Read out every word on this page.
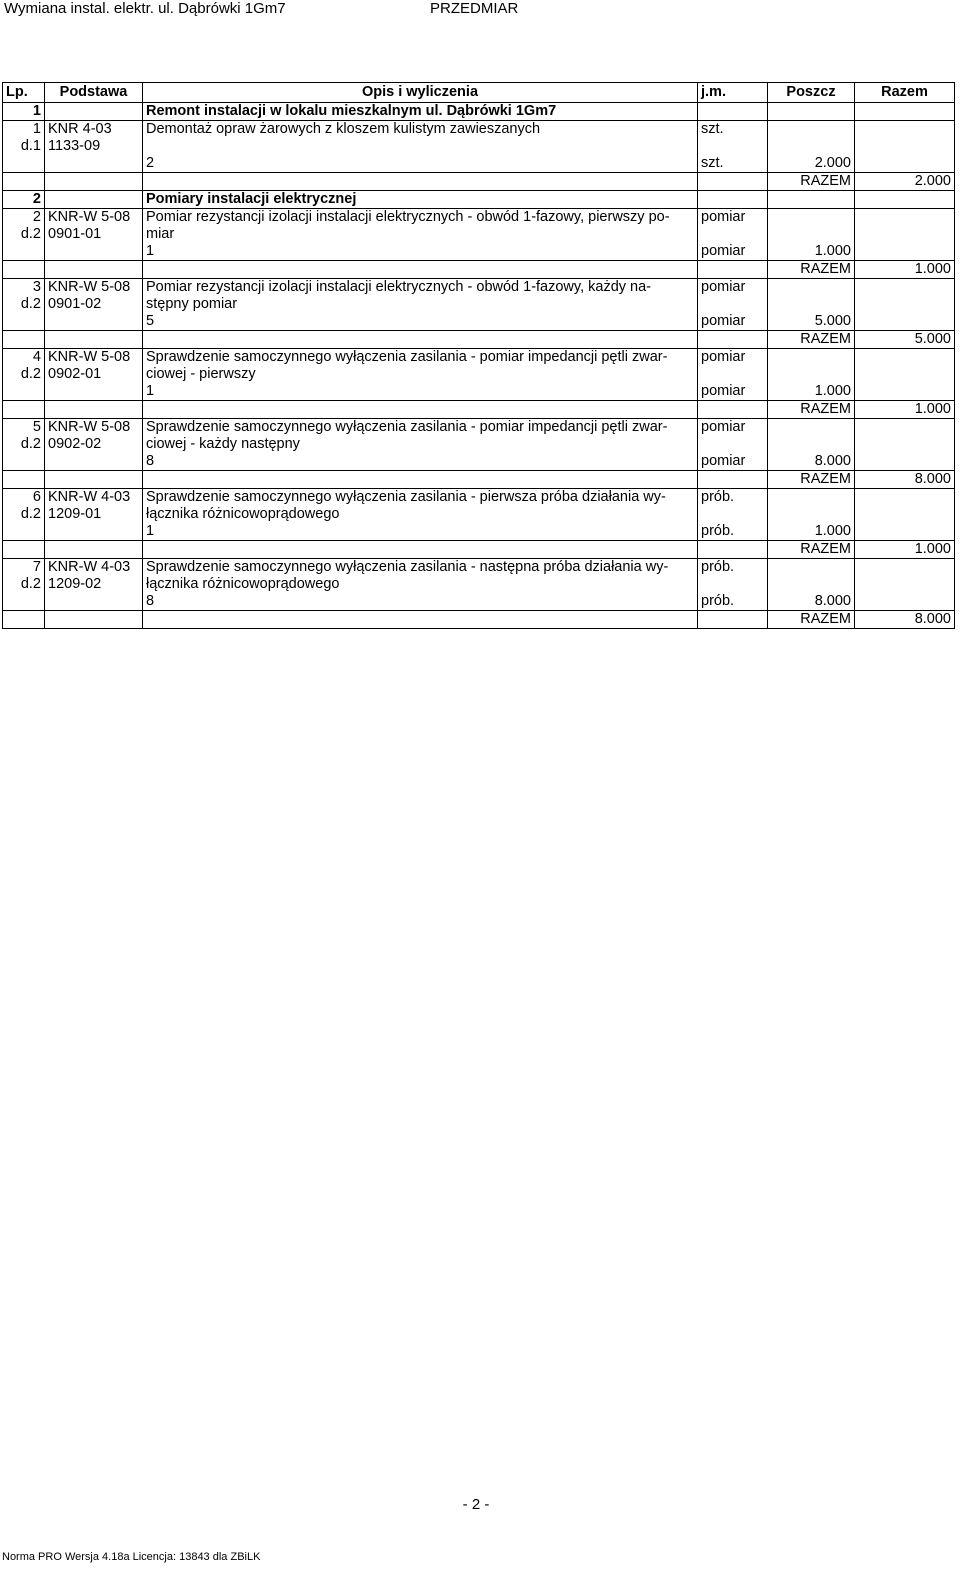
Wymiana instal. elektr. ul. Dąbrówki 1Gm7	PRZEDMIAR
Lp.	Podstawa	Opis i wyliczenia	j.m.	Poszcz	Razem
1		Remont instalacji w lokalu mieszkalnym ul. Dąbrówki 1Gm7			
1	KNR 4-03	Demontaż opraw żarowych z kloszem kulistym zawieszanych	szt.		
d.1	1133-09				
		2	szt.	2.000	
				RAZEM	2.000
2		Pomiary instalacji elektrycznej			
2	KNR-W 5-08	Pomiar rezystancji izolacji instalacji elektrycznych - obwód 1-fazowy, pierwszy po-	pomiar		
d.2	0901-01	miar			
		1	pomiar	1.000	
				RAZEM	1.000
3	KNR-W 5-08	Pomiar rezystancji izolacji instalacji elektrycznych - obwód 1-fazowy, każdy na-	pomiar		
d.2	0901-02	stępny pomiar			
		5	pomiar	5.000	
				RAZEM	5.000
4	KNR-W 5-08	Sprawdzenie samoczynnego wyłączenia zasilania - pomiar impedancji pętli zwar-	pomiar		
d.2	0902-01	ciowej - pierwszy			
		1	pomiar	1.000	
				RAZEM	1.000
5	KNR-W 5-08	Sprawdzenie samoczynnego wyłączenia zasilania - pomiar impedancji pętli zwar-	pomiar		
d.2	0902-02	ciowej - każdy następny			
		8	pomiar	8.000	
				RAZEM	8.000
6	KNR-W 4-03	Sprawdzenie samoczynnego wyłączenia zasilania - pierwsza próba działania wy-	prób.		
d.2	1209-01	łącznika różnicowoprądowego			
		1	prób.	1.000	
				RAZEM	1.000
7	KNR-W 4-03	Sprawdzenie samoczynnego wyłączenia zasilania - następna próba działania wy-	prób.		
d.2	1209-02	łącznika różnicowoprądowego			
		8	prób.	8.000	
				RAZEM	8.000
- 2 -
Norma PRO Wersja 4.18a Licencja: 13843 dla ZBiLK
